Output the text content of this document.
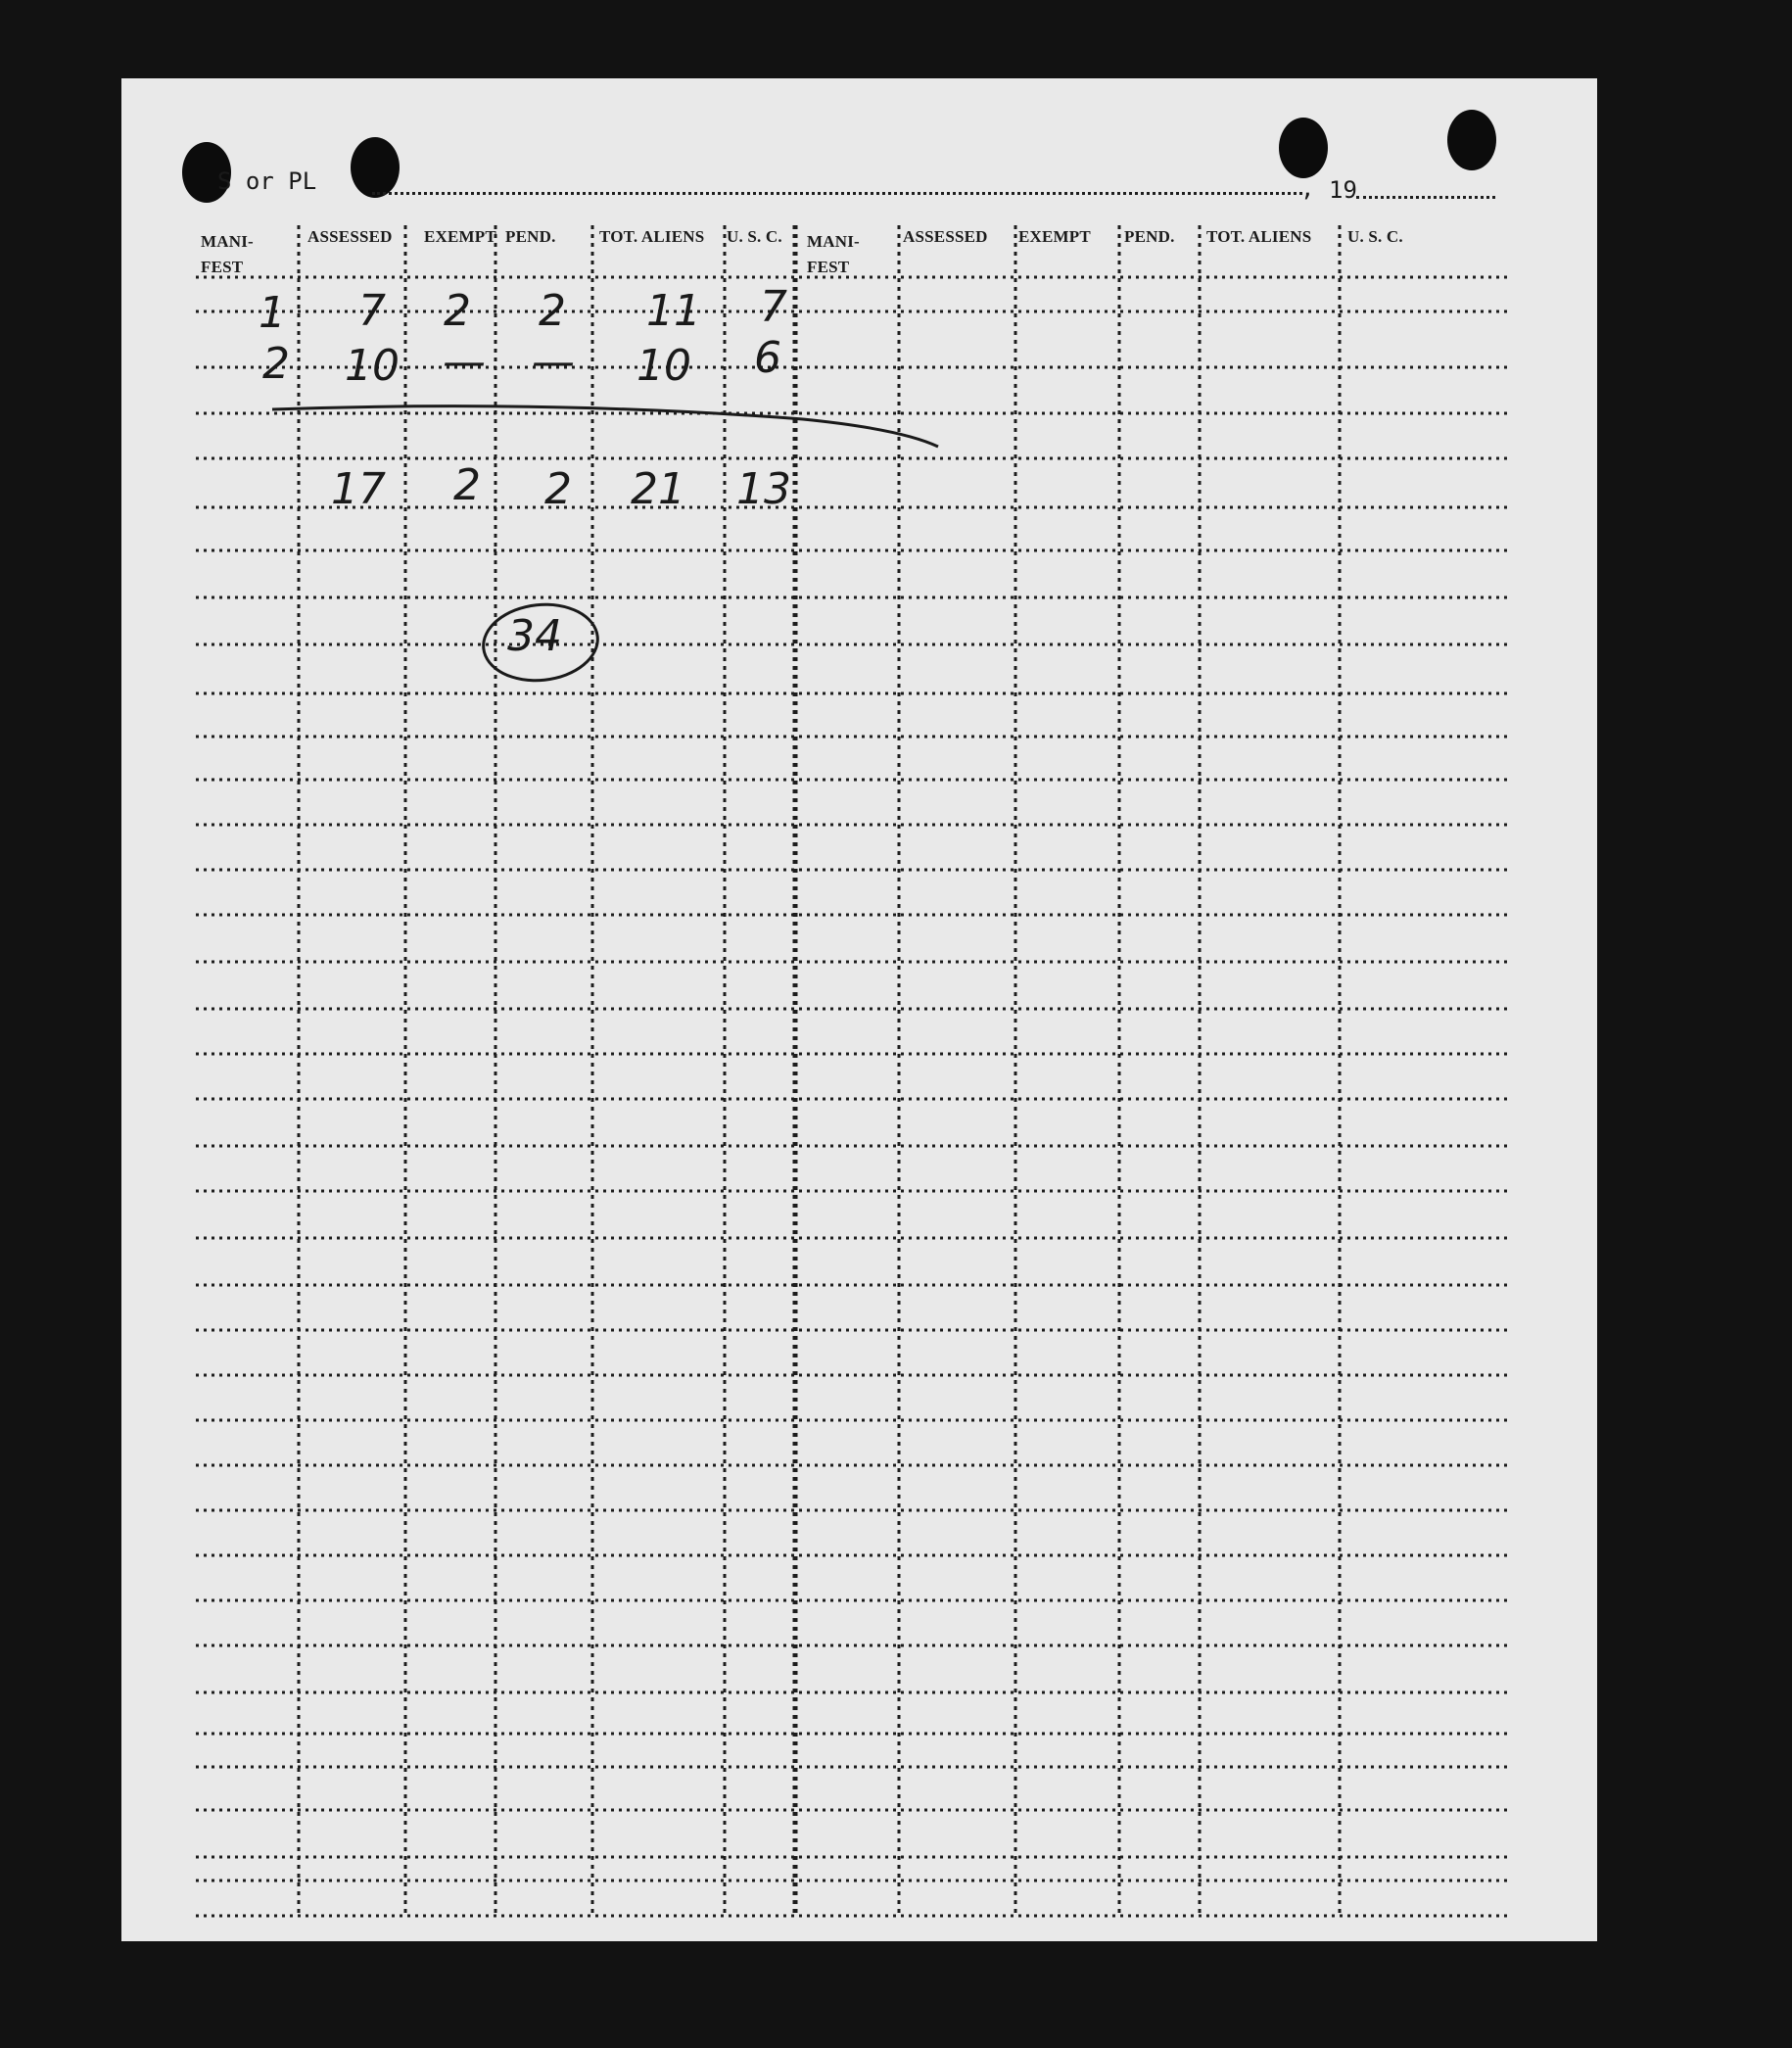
S or PL	, 19
MANI-
FEST
ASSESSED EXEMPT PEND.	TOT. ALIENS U. S. C. MANI-
FEST
ASSESSED EXEMPT PEND. TOT. ALIENS U. S. C.
1 7 2 2 11 7
2 10 — — 10 6
17 2 2 21 13
34
